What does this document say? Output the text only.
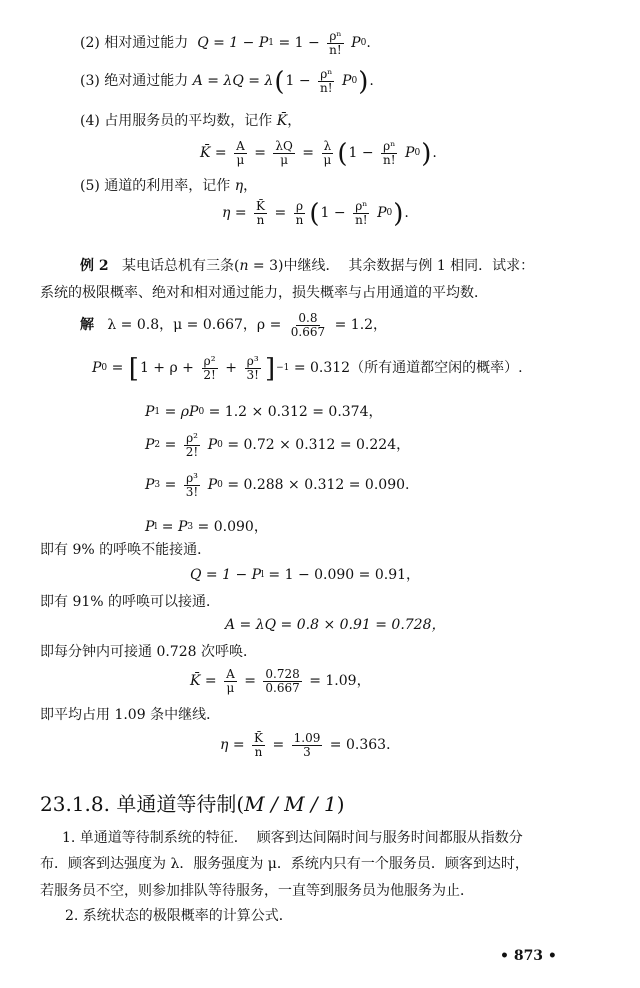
(2) 相对通过能力 Q = 1 − P $1 = 1 - \frac{\text{ρⁿ}}{n!}$ P 0 .
(3) 绝对通过能力 A = λQ = λ ( $1 - \frac{\text{ρⁿ}}{n!}$ P 0 ) .
(4) 占用服务员的平均数，记作 K̄ ，
K̄ = $\frac{A}{\mu} = \frac{\lambda Q}{\mu} = \frac{\lambda}{\mu}$ ( $1 - \frac{\text{ρⁿ}}{n!}$ P 0 ) .
(5) 通道的利用率，记作 η ，
$\eta = \frac{K̄}{n} = \frac{\rho}{n}$ ( $1 - \frac{\text{ρⁿ}}{n!}$ P 0 ) .
例 2 某电话总机有三条( n = 3)中继线．  其余数据与例 1 相同．试求：
系统的极限概率、绝对和相对通过能力，损失概率与占用通道的平均数．
解 λ = 0.8，μ = 0.667，$\rho = \frac{0.8}{0.667} = 1.2$，
P 0 = [ $1 + \rho + \frac{\text{ρ²}}{2!} + \frac{\text{ρ³}}{3!}$ ] −1 = 0.312（所有通道都空闲的概率）.
P 1 = ρP 0 = 1.2 × 0.312 = 0.374，
P $2 = \frac{\text{ρ²}}{2!}$ P 0 = 0.72 × 0.312 = 0.224，
P $3 = \frac{\text{ρ³}}{3!}$ P 0 = 0.288 × 0.312 = 0.090.
P l = P 3 = 0.090，
即有 9% 的呼唤不能接通．
Q = 1 − P l = 1 − 0.090 = 0.91，
即有 91% 的呼唤可以接通．
A = λQ = 0.8 × 0.91 = 0.728，
即每分钟内可接通 0.728 次呼唤．
K̄ = $\frac{A}{\mu} = \frac{0.728}{0.667} = 1.09$，
即平均占用 1.09 条中继线．
$\eta = \frac{K̄}{n} = \frac{1.09}{3} = 0.363$．
23.1.8. 单通道等待制( M / M / 1 )
1. 单通道等待制系统的特征．  顾客到达间隔时间与服务时间都服从指数分
布．顾客到达强度为 λ．服务强度为 μ．系统内只有一个服务员．顾客到达时，
若服务员不空，则参加排队等待服务，一直等到服务员为他服务为止．
2. 系统状态的极限概率的计算公式．
• 873 •
